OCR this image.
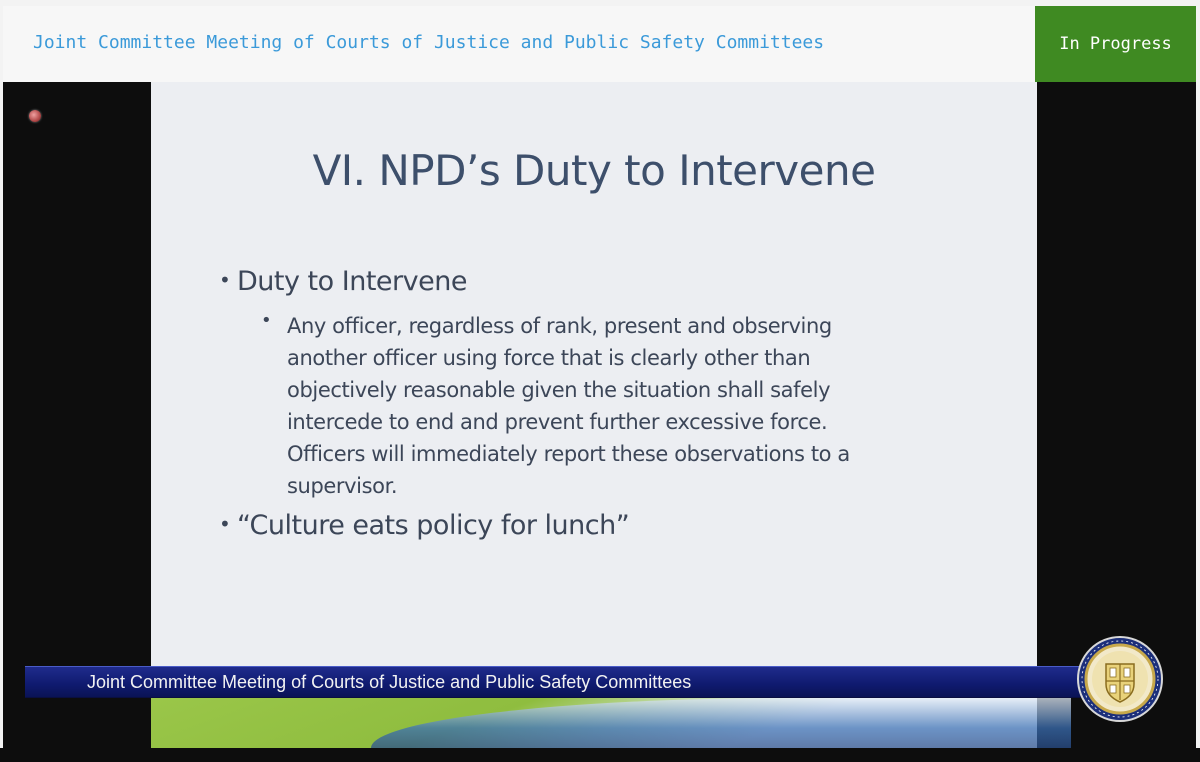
Joint Committee Meeting of Courts of Justice and Public Safety Committees	In Progress
VI. NPD’s Duty to Intervene
• Duty to Intervene
• Any officer, regardless of rank, present and observing
another officer using force that is clearly other than
objectively reasonable given the situation shall safely
intercede to end and prevent further excessive force.
Officers will immediately report these observations to a
supervisor.
• “Culture eats policy for lunch”
Joint Committee Meeting of Courts of Justice and Public Safety Committees
